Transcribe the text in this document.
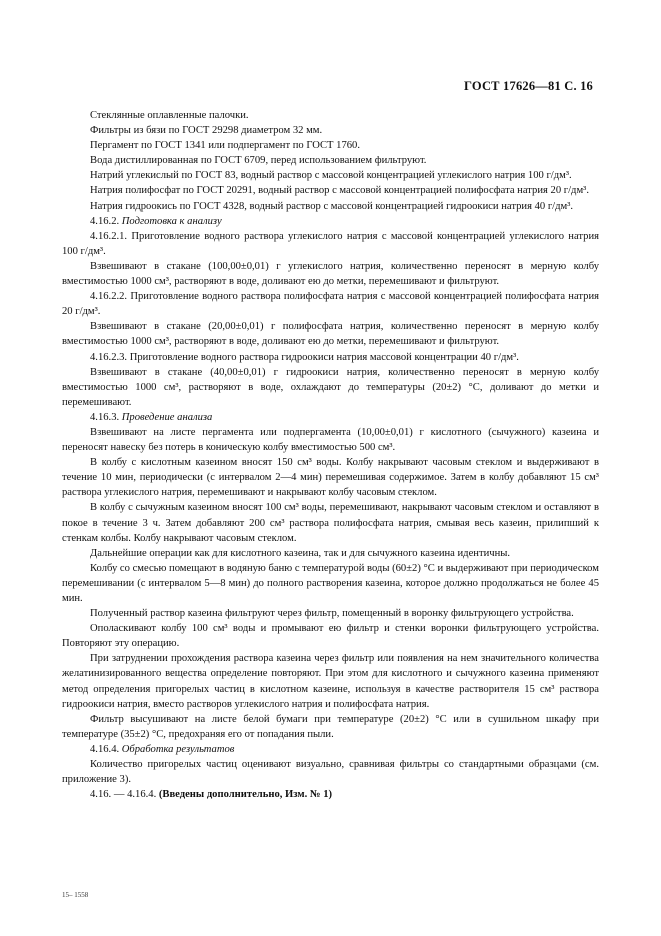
ГОСТ 17626—81 С. 16

Стеклянные оплавленные палочки.

Фильтры из бязи по ГОСТ 29298 диаметром 32 мм.

Пергамент по ГОСТ 1341 или подпергамент по ГОСТ 1760.

Вода дистиллированная по ГОСТ 6709, перед использованием фильтруют.

Натрий углекислый по ГОСТ 83, водный раствор с массовой концентрацией углекислого натрия 100 г/дм³.

Натрия полифосфат по ГОСТ 20291, водный раствор с массовой концентрацией полифосфата натрия 20 г/дм³.

Натрия гидроокись по ГОСТ 4328, водный раствор с массовой концентрацией гидроокиси натрия 40 г/дм³.

4.16.2. Подготовка к анализу

4.16.2.1. Приготовление водного раствора углекислого натрия с массовой концентрацией углекислого натрия 100 г/дм³.

Взвешивают в стакане (100,00±0,01) г углекислого натрия, количественно переносят в мерную колбу вместимостью 1000 см³, растворяют в воде, доливают ею до метки, перемешивают и фильтруют.

4.16.2.2. Приготовление водного раствора полифосфата натрия с массовой концентрацией полифосфата натрия 20 г/дм³.

Взвешивают в стакане (20,00±0,01) г полифосфата натрия, количественно переносят в мерную колбу вместимостью 1000 см³, растворяют в воде, доливают ею до метки, перемешивают и фильтруют.

4.16.2.3. Приготовление водного раствора гидроокиси натрия массовой концентрации 40 г/дм³.

Взвешивают в стакане (40,00±0,01) г гидроокиси натрия, количественно переносят в мерную колбу вместимостью 1000 см³, растворяют в воде, охлаждают до температуры (20±2) °С, доливают до метки и перемешивают.

4.16.3. Проведение анализа

Взвешивают на листе пергамента или подпергамента (10,00±0,01) г кислотного (сычужного) казеина и переносят навеску без потерь в коническую колбу вместимостью 500 см³.

В колбу с кислотным казеином вносят 150 см³ воды. Колбу накрывают часовым стеклом и выдерживают в течение 10 мин, периодически (с интервалом 2—4 мин) перемешивая содержимое. Затем в колбу добавляют 15 см³ раствора углекислого натрия, перемешивают и накрывают колбу часовым стеклом.

В колбу с сычужным казеином вносят 100 см³ воды, перемешивают, накрывают часовым стеклом и оставляют в покое в течение 3 ч. Затем добавляют 200 см³ раствора полифосфата натрия, смывая весь казеин, прилипший к стенкам колбы. Колбу накрывают часовым стеклом.

Дальнейшие операции как для кислотного казеина, так и для сычужного казеина идентичны.

Колбу со смесью помещают в водяную баню с температурой воды (60±2) °С и выдерживают при периодическом перемешивании (с интервалом 5—8 мин) до полного растворения казеина, которое должно продолжаться не более 45 мин.

Полученный раствор казеина фильтруют через фильтр, помещенный в воронку фильтрующего устройства.

Ополаскивают колбу 100 см³ воды и промывают ею фильтр и стенки воронки фильтрующего устройства. Повторяют эту операцию.

При затруднении прохождения раствора казеина через фильтр или появления на нем значительного количества желатинизированного вещества определение повторяют. При этом для кислотного и сычужного казеина применяют метод определения пригорелых частиц в кислотном казеине, используя в качестве растворителя 15 см³ раствора гидроокиси натрия, вместо растворов углекислого натрия и полифосфата натрия.

Фильтр высушивают на листе белой бумаги при температуре (20±2) °С или в сушильном шкафу при температуре (35±2) °С, предохраняя его от попадания пыли.

4.16.4. Обработка результатов

Количество пригорелых частиц оценивают визуально, сравнивая фильтры со стандартными образцами (см. приложение 3).

4.16. — 4.16.4. (Введены дополнительно, Изм. № 1)

15– 1558
